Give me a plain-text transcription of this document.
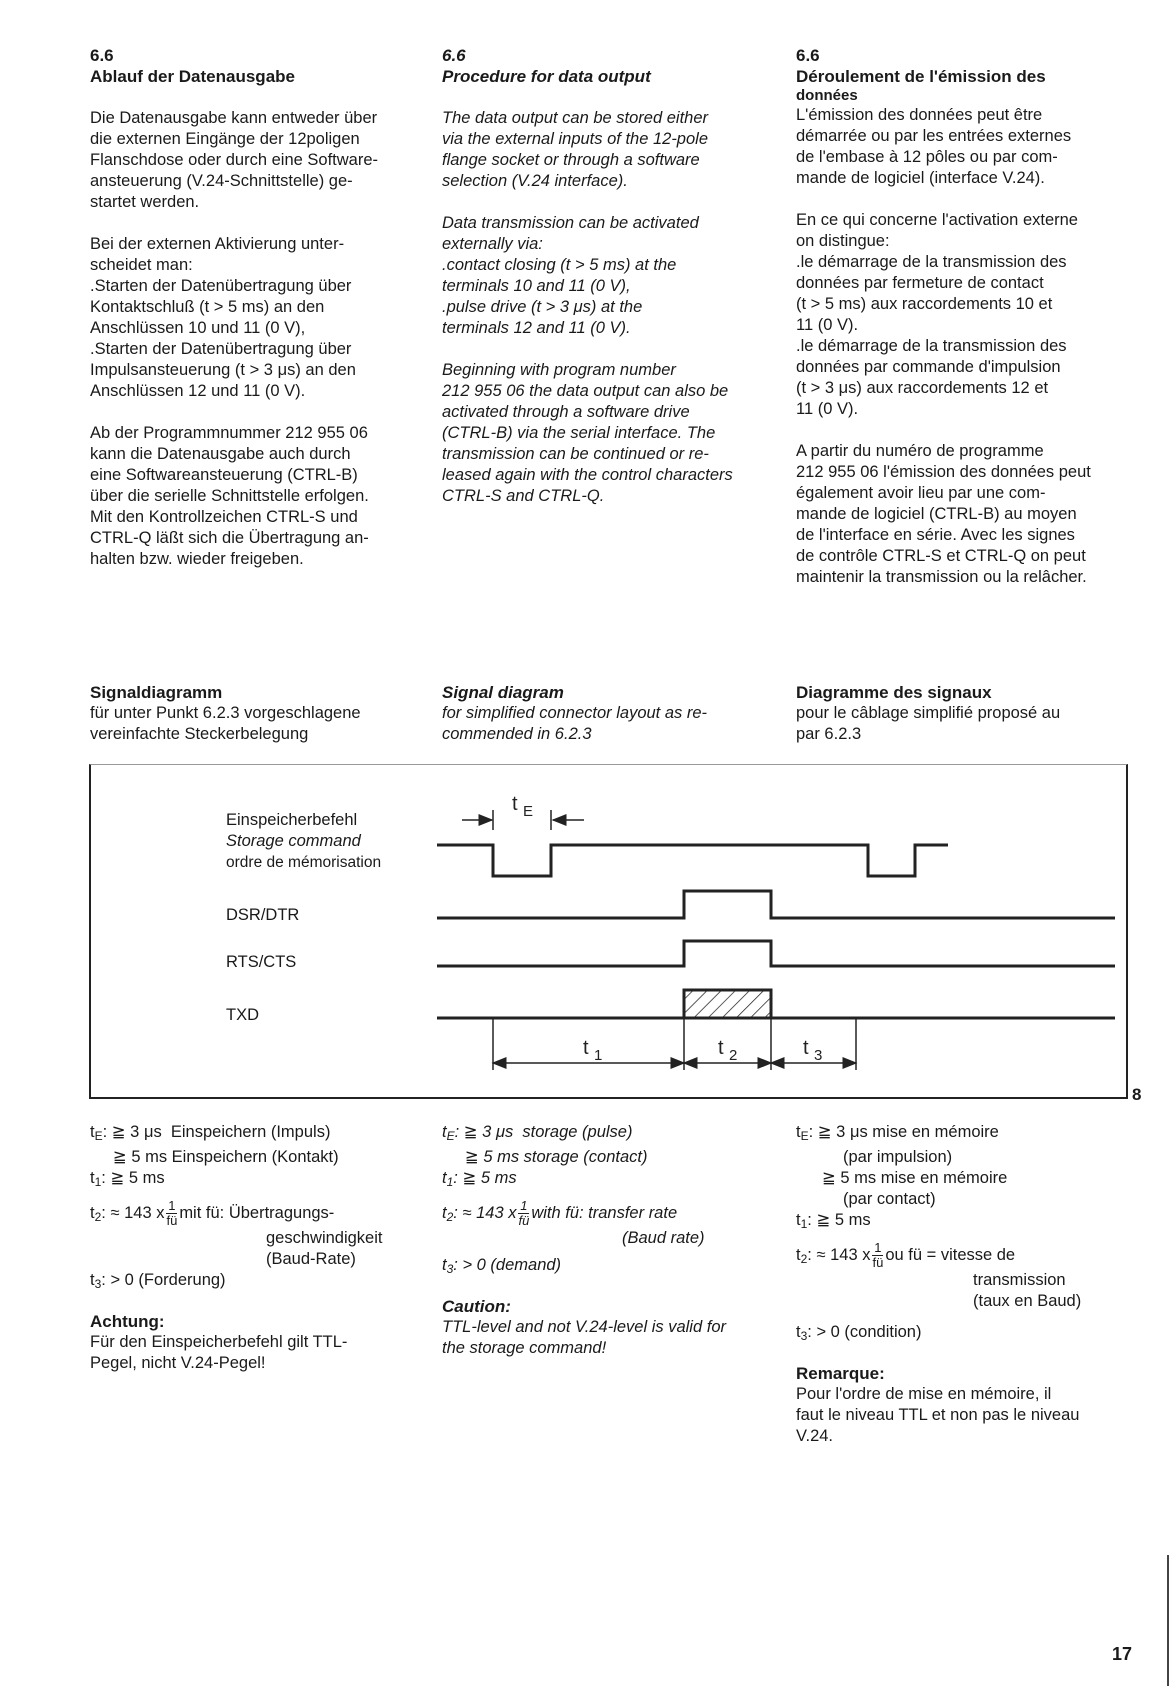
6.6
Ablauf der Datenausgabe
Die Datenausgabe kann entweder über
die externen Eingänge der 12poligen
Flanschdose oder durch eine Software-
ansteuerung (V.24-Schnittstelle) ge-
startet werden.
Bei der externen Aktivierung unter-
scheidet man:
.Starten der Datenübertragung über
Kontaktschluß (t > 5 ms) an den
Anschlüssen 10 und 11 (0 V),
.Starten der Datenübertragung über
Impulsansteuerung (t > 3 μs) an den
Anschlüssen 12 und 11 (0 V).
Ab der Programmnummer 212 955 06
kann die Datenausgabe auch durch
eine Softwareansteuerung (CTRL-B)
über die serielle Schnittstelle erfolgen.
Mit den Kontrollzeichen CTRL-S und
CTRL-Q läßt sich die Übertragung an-
halten bzw. wieder freigeben.
6.6
Procedure for data output
The data output can be stored either
via the external inputs of the 12-pole
flange socket or through a software
selection (V.24 interface).
Data transmission can be activated
externally via:
.contact closing (t > 5 ms) at the
terminals 10 and 11 (0 V),
.pulse drive (t > 3 μs) at the
terminals 12 and 11 (0 V).
Beginning with program number
212 955 06 the data output can also be
activated through a software drive
(CTRL-B) via the serial interface. The
transmission can be continued or re-
leased again with the control characters
CTRL-S and CTRL-Q.
6.6
Déroulement de l'émission des
données
L'émission des données peut être
démarrée ou par les entrées externes
de l'embase à 12 pôles ou par com-
mande de logiciel (interface V.24).
En ce qui concerne l'activation externe
on distingue:
.le démarrage de la transmission des
données par fermeture de contact
(t > 5 ms) aux raccordements 10 et
11 (0 V).
.le démarrage de la transmission des
données par commande d'impulsion
(t > 3 μs) aux raccordements 12 et
11 (0 V).
A partir du numéro de programme
212 955 06 l'émission des données peut
également avoir lieu par une com-
mande de logiciel (CTRL-B) au moyen
de l'interface en série. Avec les signes
de contrôle CTRL-S et CTRL-Q on peut
maintenir la transmission ou la relâcher.
Signaldiagramm
für unter Punkt 6.2.3 vorgeschlagene
vereinfachte Steckerbelegung
Signal diagram
for simplified connector layout as re-
commended in 6.2.3
Diagramme des signaux
pour le câblage simplifié proposé au
par 6.2.3
8
Einspeicherbefehl
Storage command
ordre de mémorisation
DSR/DTR
RTS/CTS
TXD
t E
t 1	t 2	t 3
$t_E$: ≧ 3 μs  Einspeichern (Impuls)
≧ 5 ms Einspeichern (Kontakt)
$t_1$: ≧ 5 ms
$t_2$: ≈ 143 x $\frac{1}{fü}$ mit fü: Übertragungs-
geschwindigkeit
(Baud-Rate)
$t_3$: > 0 (Forderung)
Achtung:
Für den Einspeicherbefehl gilt TTL-
Pegel, nicht V.24-Pegel!
$t_E$: ≧ 3 μs  storage (pulse)
≧ 5 ms storage (contact)
$t_1$: ≧ 5 ms
$t_2$: ≈ 143 x $\frac{1}{fü}$ with fü: transfer rate
(Baud rate)
$t_3$: > 0 (demand)
Caution:
TTL-level and not V.24-level is valid for
the storage command!
$t_E$: ≧ 3 μs mise en mémoire
(par impulsion)
≧ 5 ms mise en mémoire
(par contact)
$t_1$: ≧ 5 ms
$t_2$: ≈ 143 x $\frac{1}{fü}$ ou fü = vitesse de
transmission
(taux en Baud)
$t_3$: > 0 (condition)
Remarque:
Pour l'ordre de mise en mémoire, il
faut le niveau TTL et non pas le niveau
V.24.
17
